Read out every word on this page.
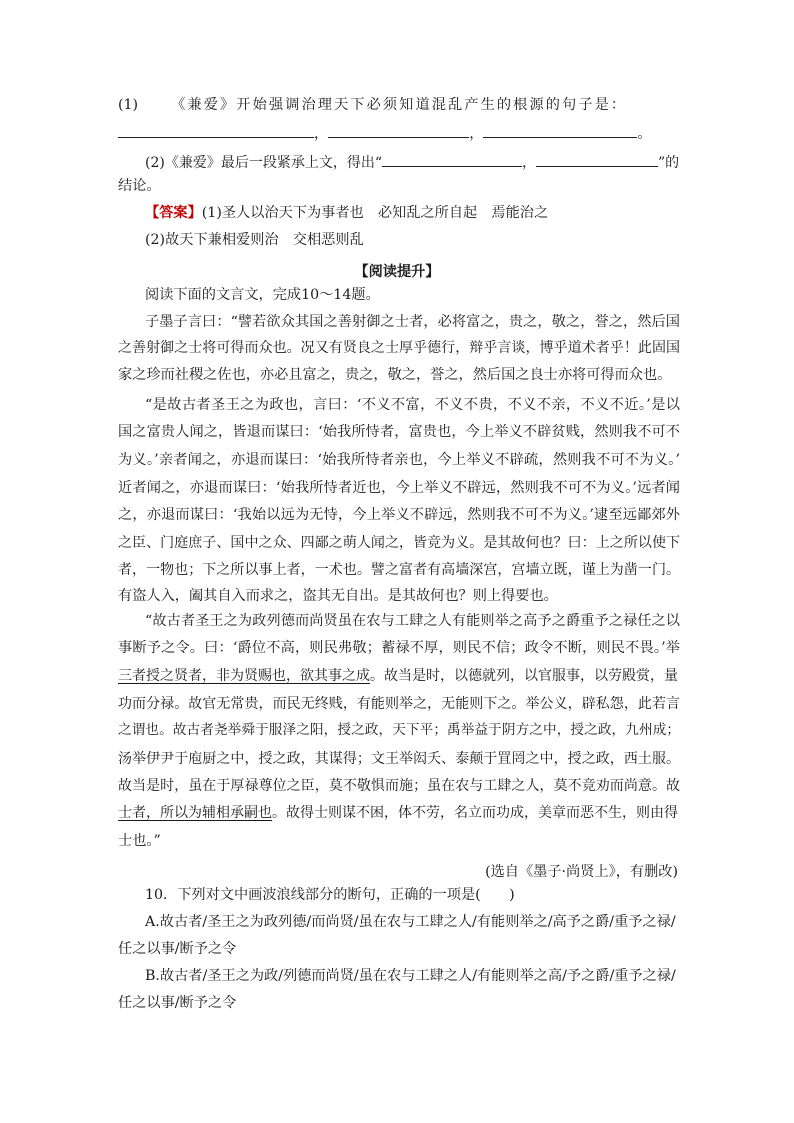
(1) 《兼爱》开始强调治理天下必须知道混乱产生的根源的句子是：
，	，	。
(2)《兼爱》最后一段紧承上文，得出“	，	”的
结论。
【答案】(1)圣人以治天下为事者也　必知乱之所自起　焉能治之
(2)故天下兼相爱则治　交相恶则乱
【阅读提升】
阅读下面的文言文，完成10～14题。
子墨子言曰：“譬若欲众其国之善射御之士者，必将富之，贵之，敬之，誉之，然后国
之善射御之士将可得而众也。况又有贤良之士厚乎德行，辩乎言谈，博乎道术者乎！此固国
家之珍而社稷之佐也，亦必且富之，贵之，敬之，誉之，然后国之良士亦将可得而众也。
“是故古者圣王之为政也，言曰：‘不义不富，不义不贵，不义不亲，不义不近。’是以
国之富贵人闻之，皆退而谋曰：‘始我所恃者，富贵也，今上举义不辟贫贱，然则我不可不
为义。’亲者闻之，亦退而谋曰：‘始我所恃者亲也，今上举义不辟疏，然则我不可不为义。’
近者闻之，亦退而谋曰：‘始我所恃者近也，今上举义不辟远，然则我不可不为义。’远者闻
之，亦退而谋曰：‘我始以远为无恃，今上举义不辟远，然则我不可不为义。’逮至远鄙郊外
之臣、门庭庶子、国中之众、四鄙之萌人闻之，皆竞为义。是其故何也？曰：上之所以使下
者，一物也；下之所以事上者，一术也。譬之富者有高墙深宫，宫墙立既，谨上为凿一门。
有盗人入，阖其自入而求之，盗其无自出。是其故何也？则上得要也。
“故古者圣王之为政列德而尚贤虽在农与工肆之人有能则举之高予之爵重予之禄任之以
事断予之令。曰：‘爵位不高，则民弗敬；蓄禄不厚，则民不信；政令不断，则民不畏。’举
三者授之贤者，非为贤赐也，欲其事之成。故当是时，以德就列，以官服事，以劳殿赏，量
功而分禄。故官无常贵，而民无终贱，有能则举之，无能则下之。举公义，辟私怨，此若言
之谓也。故古者尧举舜于服泽之阳，授之政，天下平；禹举益于阴方之中，授之政，九州成；
汤举伊尹于庖厨之中，授之政，其谋得；文王举闳夭、泰颠于罝罔之中，授之政，西土服。
故当是时，虽在于厚禄尊位之臣，莫不敬惧而施；虽在农与工肆之人，莫不竞劝而尚意。故
士者，所以为辅相承嗣也。故得士则谋不困，体不劳，名立而功成，美章而恶不生，则由得
士也。”
(选自《墨子·尚贤上》，有删改)
10．下列对文中画波浪线部分的断句，正确的一项是(　　)
A.故古者/圣王之为政列德/而尚贤/虽在农与工肆之人/有能则举之/高予之爵/重予之禄/
任之以事/断予之令
B.故古者/圣王之为政/列德而尚贤/虽在农与工肆之人/有能则举之高/予之爵/重予之禄/
任之以事/断予之令
